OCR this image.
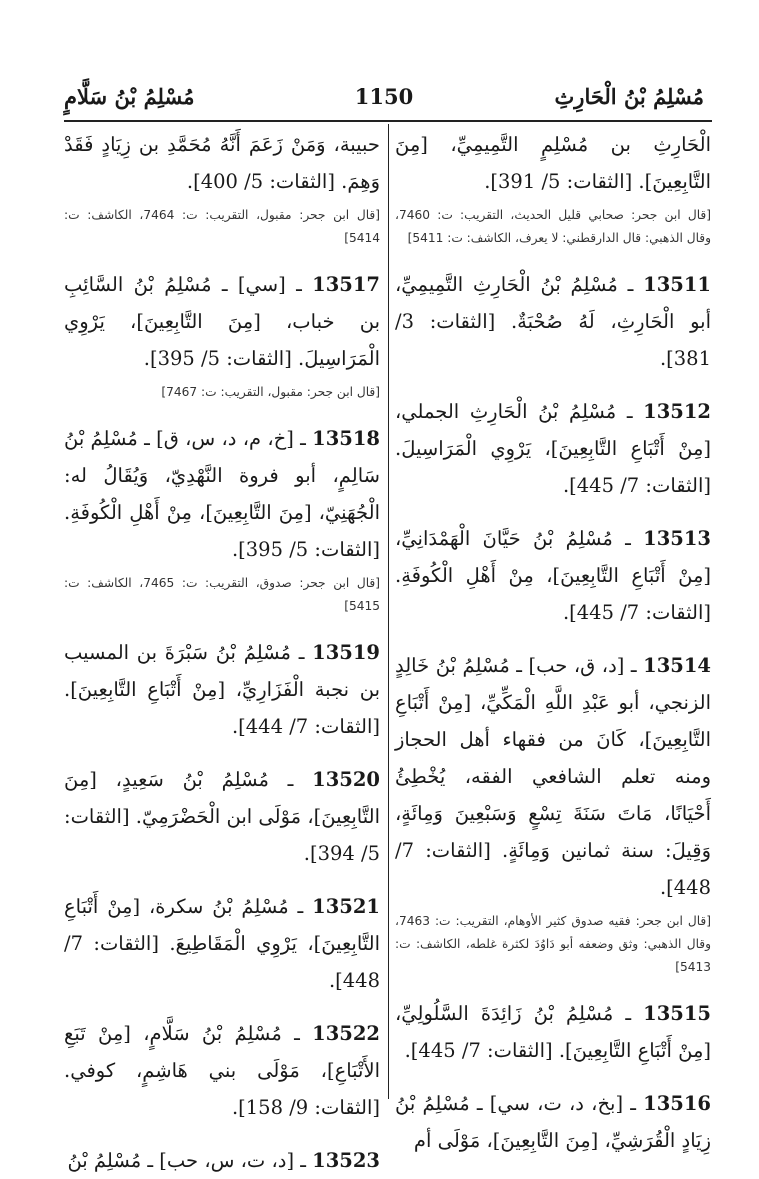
مُسْلِمُ بْنُ الْحَارِثِ
1150
مُسْلِمُ بْنُ سَلَّامٍ

الْحَارِثِ بن مُسْلِمٍ التَّمِيمِيِّ، [مِنَ التَّابِعِينَ]. [الثقات: 5/ 391].

[قال ابن جحر: صحابي قليل الحديث، التقريب: ت: 7460، وقال الذهبي: قال الدارقطني: لا يعرف، الكاشف: ت: 5411]

13511 ـ مُسْلِمُ بْنُ الْحَارِثِ التَّمِيمِيِّ، أبو الْحَارِثِ، لَهُ صُحْبَةٌ. [الثقات: 3/ 381].

13512 ـ مُسْلِمُ بْنُ الْحَارِثِ الجملي، [مِنْ أَتْبَاعِ التَّابِعِينَ]، يَرْوِي الْمَرَاسِيلَ. [الثقات: 7/ 445].

13513 ـ مُسْلِمُ بْنُ حَيَّانَ الْهَمْدَانِيِّ، [مِنْ أَتْبَاعِ التَّابِعِينَ]، مِنْ أَهْلِ الْكُوفَةِ. [الثقات: 7/ 445].

13514 ـ [د، ق، حب] ـ مُسْلِمُ بْنُ خَالِدٍ الزنجي، أبو عَبْدِ اللَّهِ الْمَكِّيِّ، [مِنْ أَتْبَاعِ التَّابِعِينَ]، كَانَ من فقهاء أهل الحجاز ومنه تعلم الشافعي الفقه، يُخْطِئُ أَحْيَانًا، مَاتَ سَنَةَ تِسْعٍ وَسَبْعِينَ وَمِائَةٍ، وَقِيلَ: سنة ثمانين وَمِائَةٍ. [الثقات: 7/ 448].

[قال ابن جحر: فقيه صدوق كثير الأوهام، التقريب: ت: 7463، وقال الذهبي: وثق وضعفه أبو دَاوُدَ لكثرة غلطه، الكاشف: ت: 5413]

13515 ـ مُسْلِمُ بْنُ زَائِدَةَ السَّلُولِيِّ، [مِنْ أَتْبَاعِ التَّابِعِينَ]. [الثقات: 7/ 445].

13516 ـ [بخ، د، ت، سي] ـ مُسْلِمُ بْنُ زِيَادٍ الْقُرَشِيِّ، [مِنَ التَّابِعِينَ]، مَوْلَى أم

حبيبة، وَمَنْ زَعَمَ أَنَّهُ مُحَمَّدِ بن زِيَادٍ فَقَدْ وَهِمَ. [الثقات: 5/ 400].

[قال ابن جحر: مقبول، التقريب: ت: 7464، الكاشف: ت: 5414]

13517 ـ [سي] ـ مُسْلِمُ بْنُ السَّائِبِ بن خباب، [مِنَ التَّابِعِينَ]، يَرْوِي الْمَرَاسِيلَ. [الثقات: 5/ 395].

[قال ابن جحر: مقبول، التقريب: ت: 7467]

13518 ـ [خ، م، د، س، ق] ـ مُسْلِمُ بْنُ سَالِمٍ، أبو فروة النَّهْدِيّ، وَيُقَالُ له: الْجُهَنِيّ، [مِنَ التَّابِعِينَ]، مِنْ أَهْلِ الْكُوفَةِ. [الثقات: 5/ 395].

[قال ابن جحر: صدوق، التقريب: ت: 7465، الكاشف: ت: 5415]

13519 ـ مُسْلِمُ بْنُ سَبْرَةَ بن المسيب بن نجبة الْفَزَارِيِّ، [مِنْ أَتْبَاعِ التَّابِعِينَ]. [الثقات: 7/ 444].

13520 ـ مُسْلِمُ بْنُ سَعِيدٍ، [مِنَ التَّابِعِينَ]، مَوْلَى ابن الْحَضْرَمِيّ. [الثقات: 5/ 394].

13521 ـ مُسْلِمُ بْنُ سكرة، [مِنْ أَتْبَاعِ التَّابِعِينَ]، يَرْوِي الْمَقَاطِيعَ. [الثقات: 7/ 448].

13522 ـ مُسْلِمُ بْنُ سَلَّامٍ، [مِنْ تَبَعِ الأَتْبَاعِ]، مَوْلَى بني هَاشِمٍ، كوفي. [الثقات: 9/ 158].

13523 ـ [د، ت، س، حب] ـ مُسْلِمُ بْنُ
